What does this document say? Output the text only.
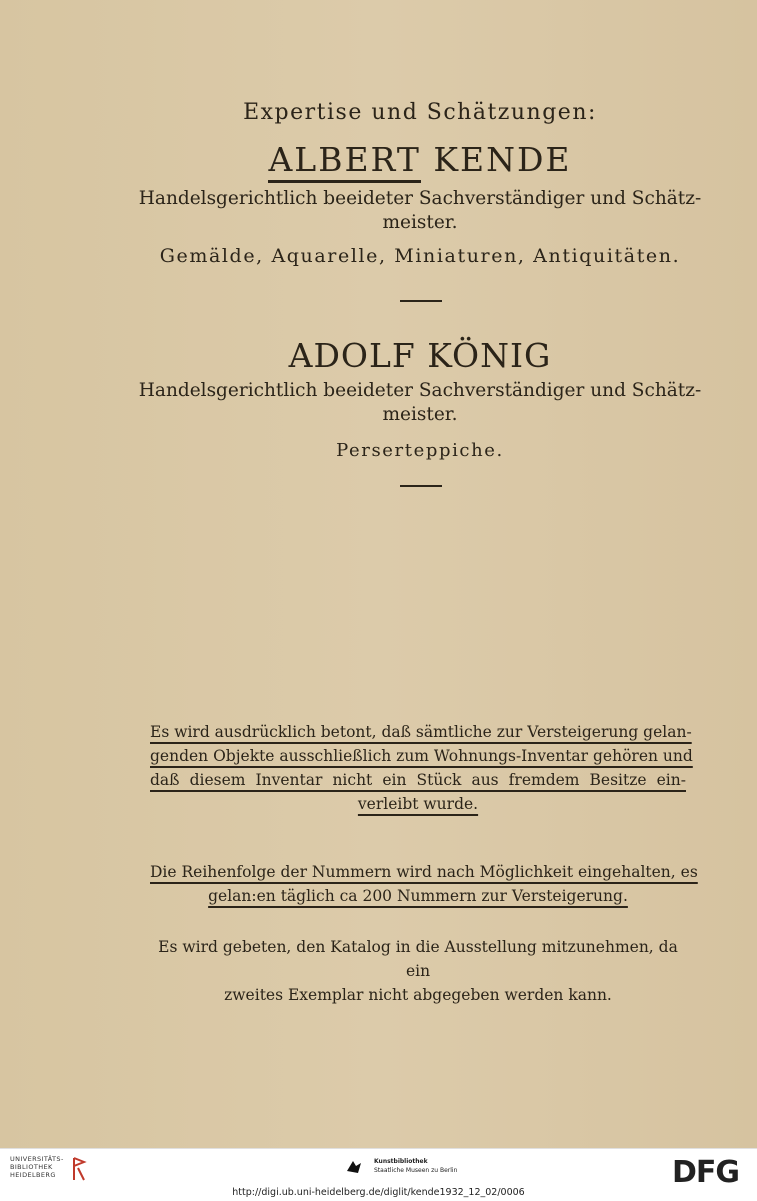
Expertise und Schätzungen:
ALBERT KENDE
Handelsgerichtlich beeideter Sachverständiger und Schätz-
meister.
Gemälde, Aquarelle, Miniaturen, Antiquitäten.
ADOLF KÖNIG
Handelsgerichtlich beeideter Sachverständiger und Schätz-
meister.
Perserteppiche.
Es wird ausdrücklich betont, daß sämtliche zur Versteigerung gelan-
genden Objekte ausschließlich zum Wohnungs-Inventar gehören und
daß diesem Inventar nicht ein Stück aus fremdem Besitze ein-
verleibt wurde.
Die Reihenfolge der Nummern wird nach Möglichkeit eingehalten, es
gelan:en täglich ca 200 Nummern zur Versteigerung.
Es wird gebeten, den Katalog in die Ausstellung mitzunehmen, da ein
zweites Exemplar nicht abgegeben werden kann.
UNIVERSITÄTS-
BIBLIOTHEK
HEIDELBERG
Kunstbibliothek
Staatliche Museen zu Berlin	DFG
http://digi.ub.uni-heidelberg.de/diglit/kende1932_12_02/0006
